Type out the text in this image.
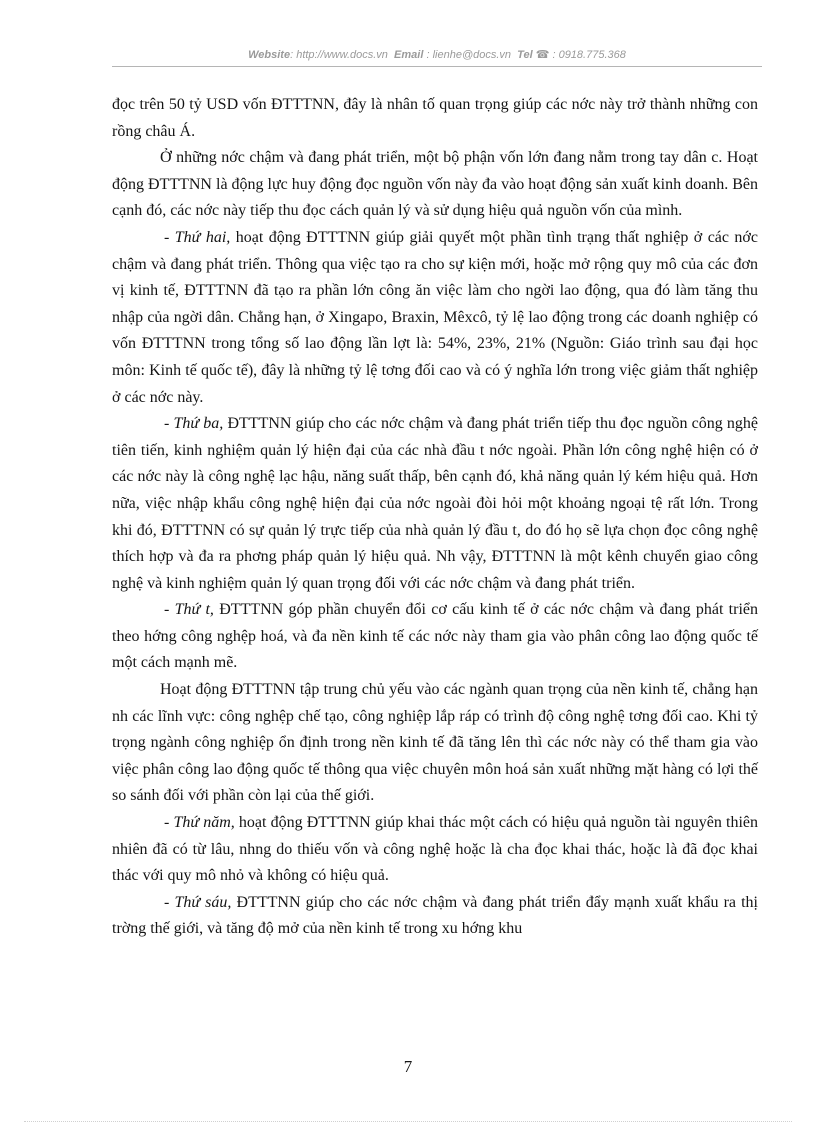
Website: http://www.docs.vn Email : lienhe@docs.vn Tel ☎ : 0918.775.368

đọc trên 50 tỷ USD vốn ĐTTTNN, đây là nhân tố quan trọng giúp các nớc này trở thành những con rồng châu Á.

Ở những nớc chậm và đang phát triển, một bộ phận vốn lớn đang nằm trong tay dân c. Hoạt động ĐTTTNN là động lực huy động đọc nguồn vốn này đa vào hoạt động sản xuất kinh doanh. Bên cạnh đó, các nớc này tiếp thu đọc cách quản lý và sử dụng hiệu quả nguồn vốn của mình.

- Thứ hai, hoạt động ĐTTTNN giúp giải quyết một phần tình trạng thất nghiệp ở các nớc chậm và đang phát triển. Thông qua việc tạo ra cho sự kiện mới, hoặc mở rộng quy mô của các đơn vị kinh tế, ĐTTTNN đã tạo ra phần lớn công ăn việc làm cho ngời lao động, qua đó làm tăng thu nhập của ngời dân. Chẳng hạn, ở Xingapo, Braxin, Mêxcô, tỷ lệ lao động trong các doanh nghiệp có vốn ĐTTTNN trong tổng số lao động lần lợt là: 54%, 23%, 21% (Nguồn: Giáo trình sau đại học môn: Kinh tế quốc tế), đây là những tỷ lệ tơng đối cao và có ý nghĩa lớn trong việc giảm thất nghiệp ở các nớc này.

- Thứ ba, ĐTTTNN giúp cho các nớc chậm và đang phát triển tiếp thu đọc nguồn công nghệ tiên tiến, kinh nghiệm quản lý hiện đại của các nhà đầu t nớc ngoài. Phần lớn công nghệ hiện có ở các nớc này là công nghệ lạc hậu, năng suất thấp, bên cạnh đó, khả năng quản lý kém hiệu quả. Hơn nữa, việc nhập khẩu công nghệ hiện đại của nớc ngoài đòi hỏi một khoảng ngoại tệ rất lớn. Trong khi đó, ĐTTTNN có sự quản lý trực tiếp của nhà quản lý đầu t, do đó họ sẽ lựa chọn đọc công nghệ thích hợp và đa ra phơng pháp quản lý hiệu quả. Nh vậy, ĐTTTNN là một kênh chuyển giao công nghệ và kinh nghiệm quản lý quan trọng đối với các nớc chậm và đang phát triển.

- Thứ t, ĐTTTNN góp phần chuyển đổi cơ cấu kinh tế ở các nớc chậm và đang phát triển theo hớng công nghệp hoá, và đa nền kinh tế các nớc này tham gia vào phân công lao động quốc tế một cách mạnh mẽ.

Hoạt động ĐTTTNN tập trung chủ yếu vào các ngành quan trọng của nền kinh tế, chẳng hạn nh các lĩnh vực: công nghệp chế tạo, công nghiệp lắp ráp có trình độ công nghệ tơng đối cao. Khi tỷ trọng ngành công nghiệp ổn định trong nền kinh tế đã tăng lên thì các nớc này có thể tham gia vào việc phân công lao động quốc tế thông qua việc chuyên môn hoá sản xuất những mặt hàng có lợi thế so sánh đối với phần còn lại của thế giới.

- Thứ năm, hoạt động ĐTTTNN giúp khai thác một cách có hiệu quả nguồn tài nguyên thiên nhiên đã có từ lâu, nhng do thiếu vốn và công nghệ hoặc là cha đọc khai thác, hoặc là đã đọc khai thác với quy mô nhỏ và không có hiệu quả.

- Thứ sáu, ĐTTTNN giúp cho các nớc chậm và đang phát triển đẩy mạnh xuất khẩu ra thị trờng thế giới, và tăng độ mở của nền kinh tế trong xu hớng khu

7
